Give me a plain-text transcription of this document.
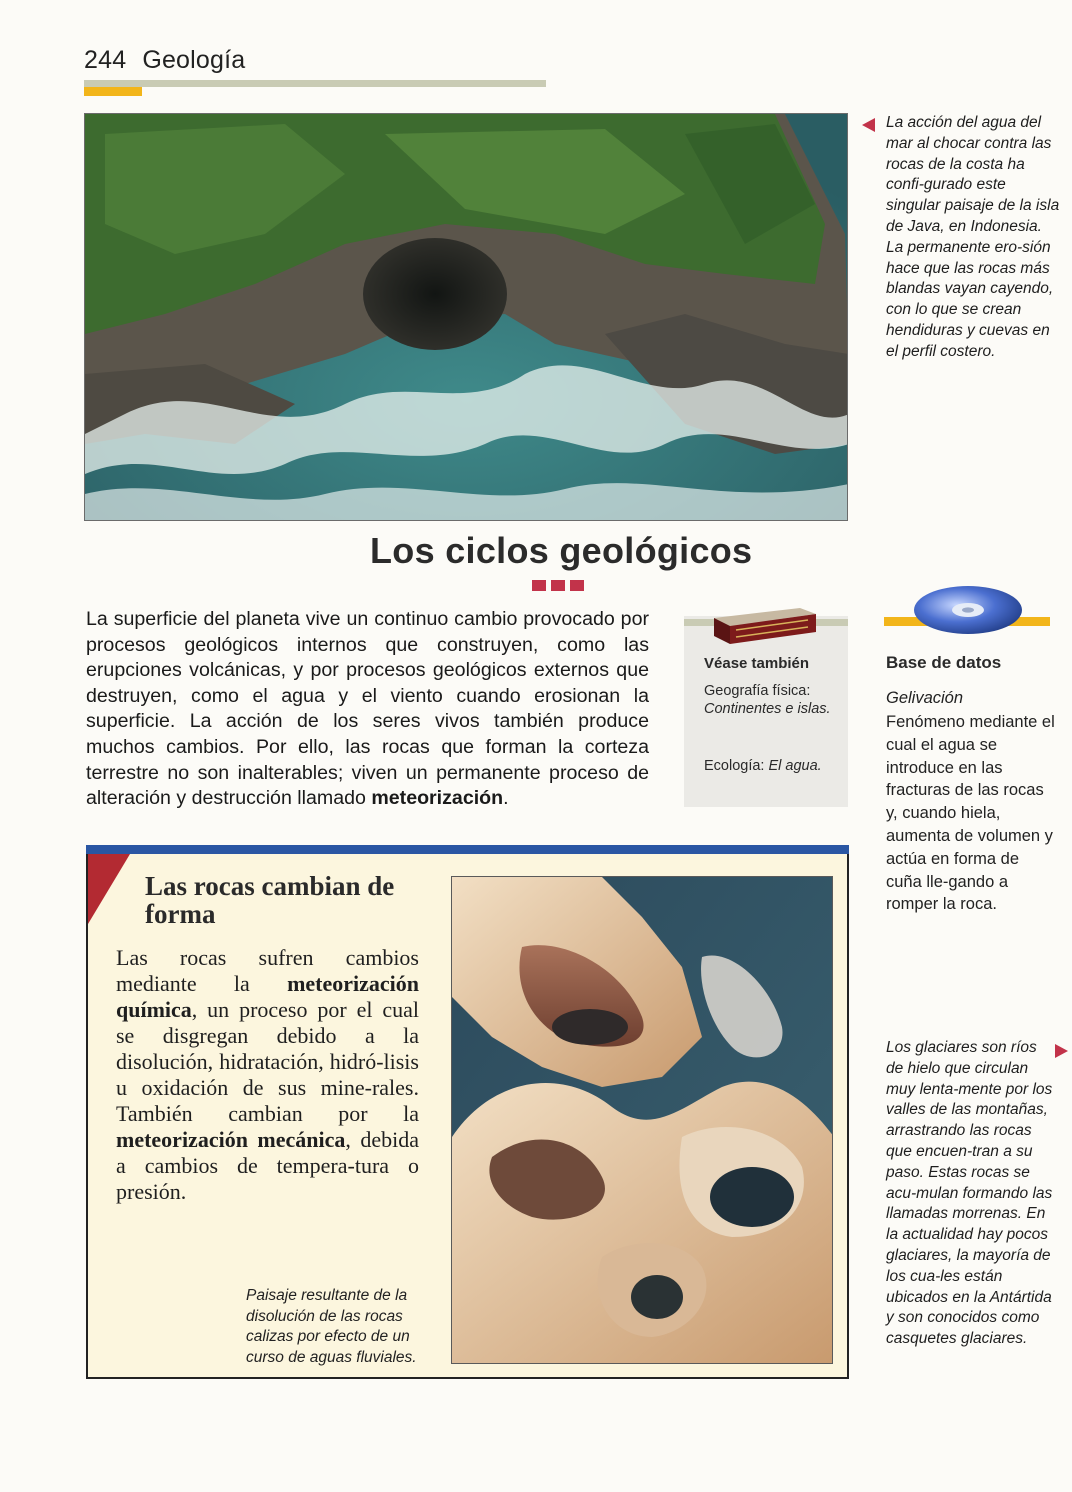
244 Geología
La acción del agua del mar al chocar contra las rocas de la costa ha confi-gurado este singular paisaje de la isla de Java, en Indonesia. La permanente ero-sión hace que las rocas más blandas vayan cayendo, con lo que se crean hendiduras y cuevas en el perfil costero.
Los ciclos geológicos
La superficie del planeta vive un continuo cambio provocado por procesos geológicos internos que construyen, como las erupciones volcánicas, y por procesos geológicos externos que destruyen, como el agua y el viento cuando erosionan la superficie. La acción de los seres vivos también produce muchos cambios. Por ello, las rocas que forman la corteza terrestre no son inalterables; viven un permanente proceso de alteración y destrucción llamado meteorización.
Véase también
Geografía física:
Continentes e islas.
Ecología: El agua.
Base de datos
Gelivación
Fenómeno mediante el cual el agua se introduce en las fracturas de las rocas y, cuando hiela, aumenta de volumen y actúa en forma de cuña lle-gando a romper la roca.
Las rocas cambian de forma
Las rocas sufren cambios mediante la meteorización química, un proceso por el cual se disgregan debido a la disolución, hidratación, hidró-lisis u oxidación de sus mine-rales. También cambian por la meteorización mecánica, debida a cambios de tempera-tura o presión.
Paisaje resultante de la disolución de las rocas calizas por efecto de un curso de aguas fluviales.
Los glaciares son ríos de hielo que circulan muy lenta-mente por los valles de las montañas, arrastrando las rocas que encuen-tran a su paso. Estas rocas se acu-mulan formando las llamadas morrenas. En la actualidad hay pocos glaciares, la mayoría de los cua-les están ubicados en la Antártida y son conocidos como casquetes glaciares.
